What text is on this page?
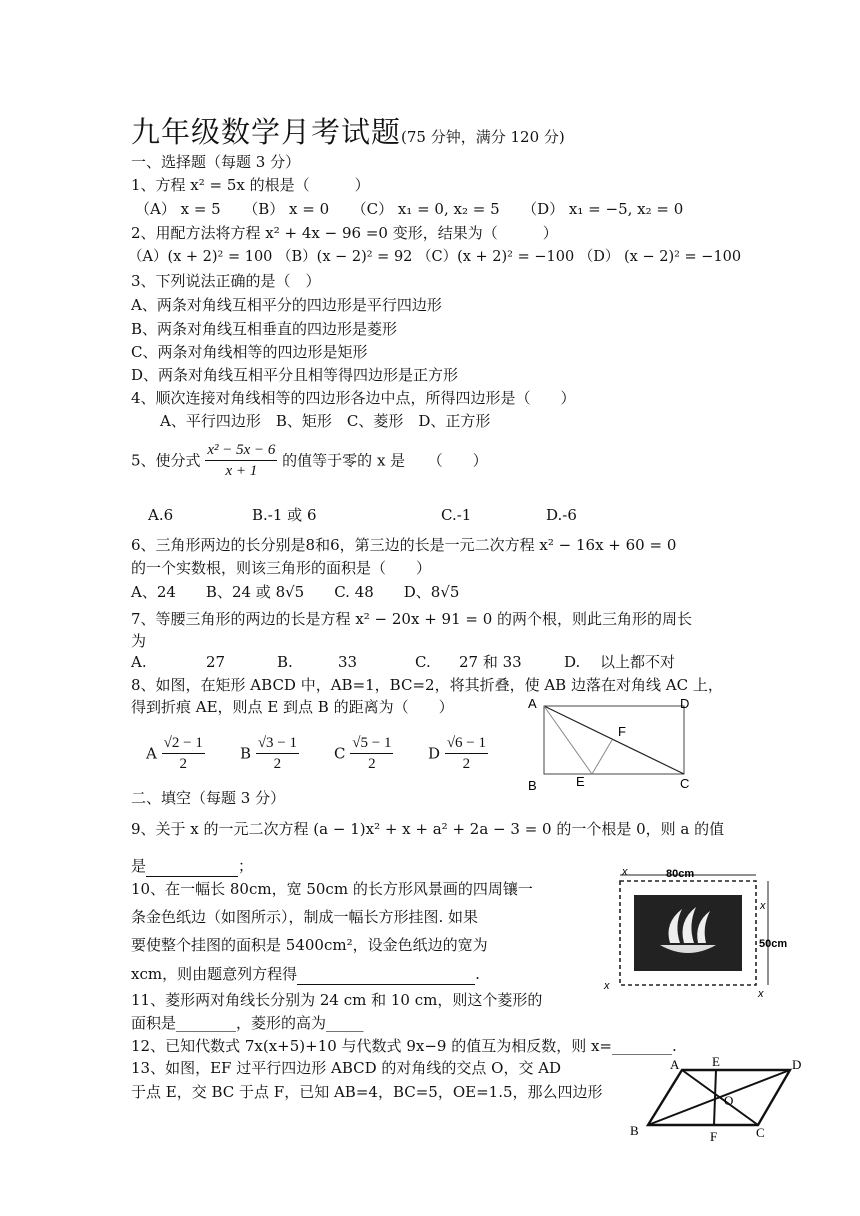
九年级数学月考试题(75 分钟，满分 120 分)
一、选择题（每题 3 分）
1、方程 x² = 5x 的根是（　　　）
（A） x = 5　　（B） x = 0　　（C） x₁ = 0, x₂ = 5　　（D） x₁ = −5, x₂ = 0
2、用配方法将方程 x² + 4x − 96 =0 变形，结果为（　　　）
（A）(x + 2)² = 100 （B）(x − 2)² = 92 （C）(x + 2)² = −100 （D） (x − 2)² = −100
3、下列说法正确的是（　）
A、两条对角线互相平分的四边形是平行四边形
B、两条对角线互相垂直的四边形是菱形
C、两条对角线相等的四边形是矩形
D、两条对角线互相平分且相等得四边形是正方形
4、顺次连接对角线相等的四边形各边中点，所得四边形是（　　）
A、平行四边形　B、矩形　C、菱形　D、正方形
5、使分式 $\frac{\text{x² − 5x − 6}}{x + 1}$ 的值等于零的 x 是　　（　　）
A.6	B.-1 或 6	C.-1	D.-6
6、三角形两边的长分别是8和6，第三边的长是一元二次方程 x² − 16x + 60 = 0
的一个实数根，则该三角形的面积是（　　）
A、24　　B、24 或 8√5　　C. 48　　D、8√5
7、等腰三角形的两边的长是方程 x² − 20x + 91 = 0 的两个根，则此三角形的周长
为
A.	27	B.	33	C. 27 和 33	D. 以上都不对
8、如图，在矩形 ABCD 中，AB=1，BC=2，将其折叠，使 AB 边落在对角线 AC 上，
得到折痕 AE，则点 E 到点 B 的距离为（　　）
A $\frac{√2 - 1}{2}$ B $\frac{√3 - 1}{2}$ C $\frac{√5 - 1}{2}$ D $\frac{√6 - 1}{2}$
A	D
F
B	E	C
二、填空（每题 3 分）
9、关于 x 的一元二次方程 (a − 1)x² + x + a² + 2a − 3 = 0 的一个根是 0，则 a 的值
是	；
10、在一幅长 80cm，宽 50cm 的长方形风景画的四周镶一
条金色纸边（如图所示），制成一幅长方形挂图. 如果
要使整个挂图的面积是 5400cm²，设金色纸边的宽为
xcm，则由题意列方程得	.
80cm
50cm
x
x
x
x
11、菱形两对角线长分别为 24 cm 和 10 cm，则这个菱形的
面积是________，菱形的高为_____
12、已知代数式 7x(x+5)+10 与代数式 9x−9 的值互为相反数，则 x=________.
13、如图，EF 过平行四边形 ABCD 的对角线的交点 O，交 AD
于点 E，交 BC 于点 F，已知 AB=4，BC=5，OE=1.5，那么四边形
A	E	D
O
B	F	C
